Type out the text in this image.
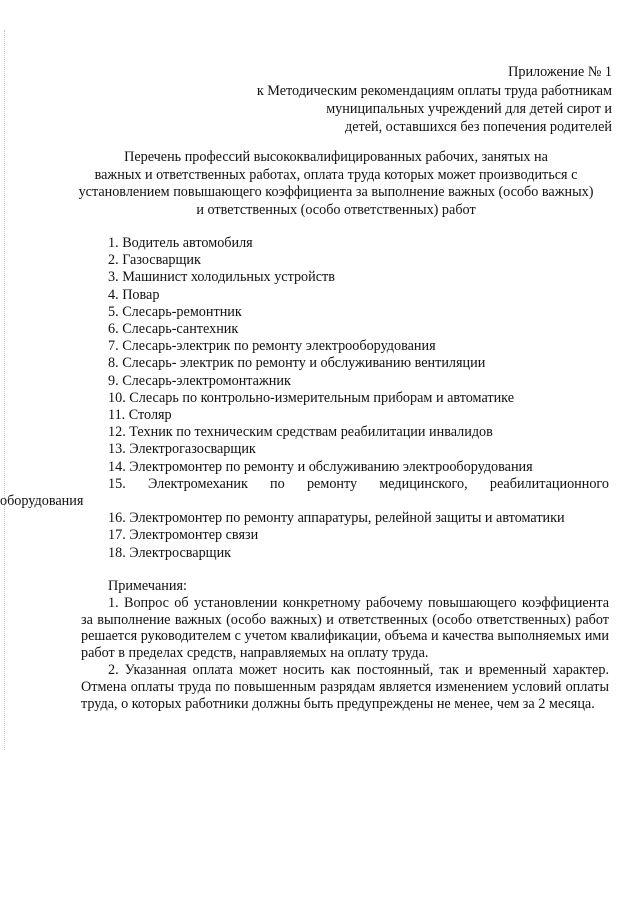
Приложение № 1
к Методическим рекомендациям оплаты труда работникам
муниципальных учреждений для детей сирот и
детей, оставшихся без попечения родителей
Перечень профессий высококвалифицированных рабочих, занятых на
важных и ответственных работах, оплата труда которых может производиться с
установлением повышающего коэффициента за выполнение важных (особо важных)
и ответственных (особо ответственных) работ
1. Водитель автомобиля
2. Газосварщик
3. Машинист холодильных устройств
4. Повар
5. Слесарь-ремонтник
6. Слесарь-сантехник
7. Слесарь-электрик по ремонту электрооборудования
8. Слесарь- электрик по ремонту и обслуживанию вентиляции
9. Слесарь-электромонтажник
10. Слесарь по контрольно-измерительным приборам и автоматике
11. Столяр
12. Техник по техническим средствам реабилитации инвалидов
13. Электрогазосварщик
14. Электромонтер по ремонту и обслуживанию электрооборудования
15. Электромеханик по ремонту медицинского, реабилитационного
оборудования
16. Электромонтер по ремонту аппаратуры, релейной защиты и автоматики
17. Электромонтер связи
18. Электросварщик
Примечания:

1. Вопрос об установлении конкретному рабочему повышающего коэффициента за выполнение важных (особо важных) и ответственных (особо ответственных) работ решается руководителем с учетом квалификации, объема и качества выполняемых ими работ в пределах средств, направляемых на оплату труда.

2. Указанная оплата может носить как постоянный, так и временный характер. Отмена оплаты труда по повышенным разрядам является изменением условий оплаты труда, о которых работники должны быть предупреждены не менее, чем за 2 месяца.
